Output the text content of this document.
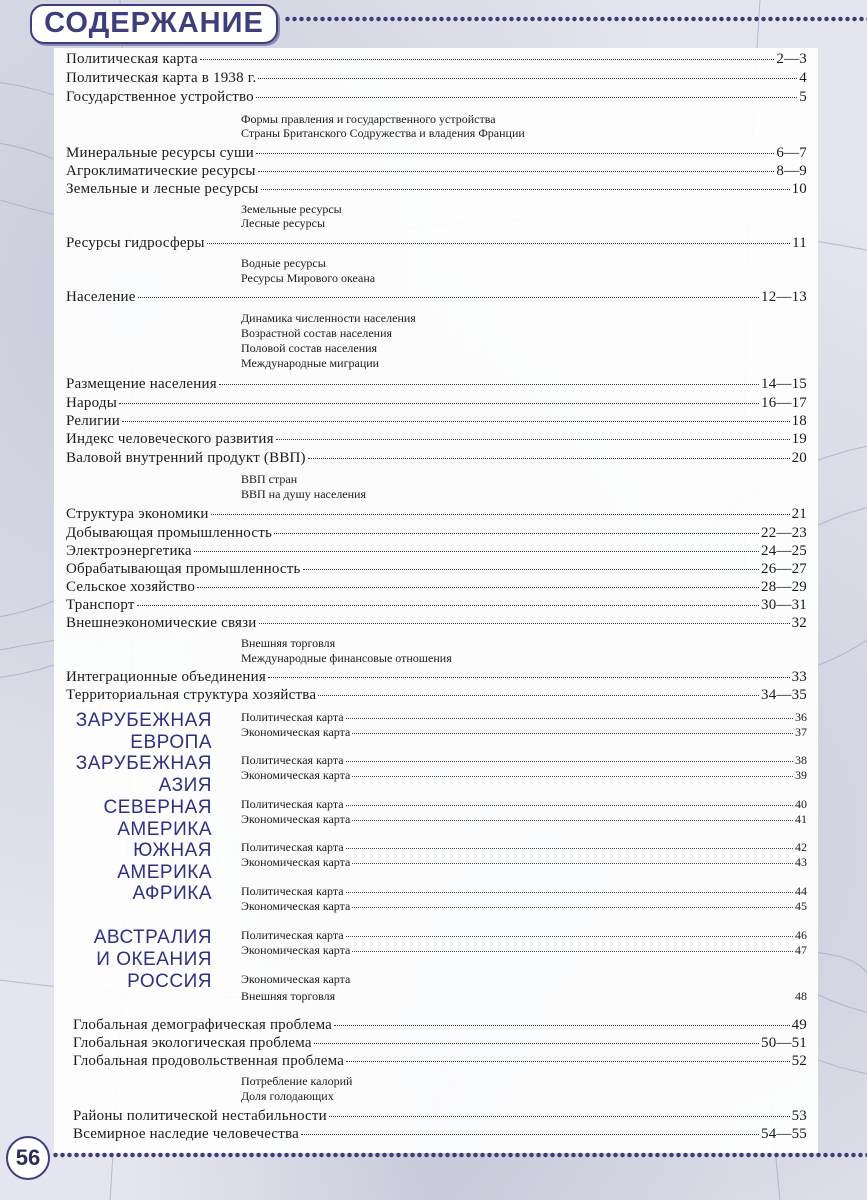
СОДЕРЖАНИЕ
Политическая карта	2—3
Политическая карта в 1938 г.	4
Государственное устройство	5
Формы правления и государственного устройства
Страны Британского Содружества и владения Франции
Минеральные ресурсы суши	6—7
Агроклиматические ресурсы	8—9
Земельные и лесные ресурсы	10
Земельные ресурсы
Лесные ресурсы
Ресурсы гидросферы	11
Водные ресурсы
Ресурсы Мирового океана
Население	12—13
Динамика численности населения
Возрастной состав населения
Половой состав населения
Международные миграции
Размещение населения	14—15
Народы	16—17
Религии	18
Индекс человеческого развития	19
Валовой внутренний продукт (ВВП)	20
ВВП стран
ВВП на душу населения
Структура экономики	21
Добывающая промышленность	22—23
Электроэнергетика	24—25
Обрабатывающая промышленность	26—27
Сельское хозяйство	28—29
Транспорт	30—31
Внешнеэкономические связи	32
Внешняя торговля
Международные финансовые отношения
Интеграционные объединения	33
Территориальная структура хозяйства	34—35
ЗАРУБЕЖНАЯ
ЕВРОПА
Политическая карта	36
Экономическая карта	37
ЗАРУБЕЖНАЯ
АЗИЯ
Политическая карта	38
Экономическая карта	39
СЕВЕРНАЯ
АМЕРИКА
Политическая карта	40
Экономическая карта	41
ЮЖНАЯ
АМЕРИКА
Политическая карта	42
Экономическая карта	43
АФРИКА Политическая карта	44
Экономическая карта	45
АВСТРАЛИЯ
И ОКЕАНИЯ
Политическая карта	46
Экономическая карта	47
РОССИЯ Экономическая карта
Внешняя торговля	48
Глобальная демографическая проблема	49
Глобальная экологическая проблема	50—51
Глобальная продовольственная проблема	52
Потребление калорий
Доля голодающих
Районы политической нестабильности	53
Всемирное наследие человечества	54—55
56
